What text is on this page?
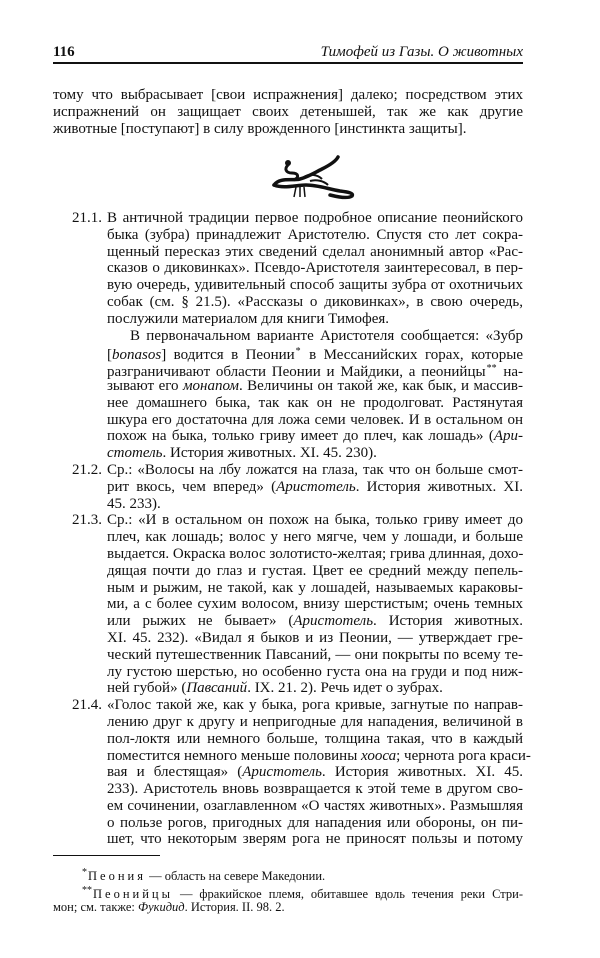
116	Тимофей из Газы. О животных
тому что выбрасывает [свои испражнения] далеко; посредством этих
испражнений он защищает своих детенышей, так же как другие
животные [поступают] в силу врожденного [инстинкта защиты].
21.1. В античной традиции первое подробное описание пеонийского
быка (зубра) принадлежит Аристотелю. Спустя сто лет сокра-
щенный пересказ этих сведений сделал анонимный автор «Рас-
сказов о диковинках». Псевдо-Аристотеля заинтересовал, в пер-
вую очередь, удивительный способ защиты зубра от охотничьих
собак (см. § 21.5). «Рассказы о диковинках», в свою очередь,
послужили материалом для книги Тимофея.
В первоначальном варианте Аристотеля сообщается: «Зубр
[bonasos] водится в Пеонии* в Мессанийских горах, которые
разграничивают области Пеонии и Майдики, а пеонийцы** на-
зывают его монапом. Величины он такой же, как бык, и массив-
нее домашнего быка, так как он не продолговат. Растянутая
шкура его достаточна для ложа семи человек. И в остальном он
похож на быка, только гриву имеет до плеч, как лошадь» (Ари-
стотель. История животных. XI. 45. 230).
21.2. Ср.: «Волосы на лбу ложатся на глаза, так что он больше смот-
рит вкось, чем вперед» (Аристотель. История животных. XI.
45. 233).
21.3. Ср.: «И в остальном он похож на быка, только гриву имеет до
плеч, как лошадь; волос у него мягче, чем у лошади, и больше
выдается. Окраска волос золотисто-желтая; грива длинная, дохо-
дящая почти до глаз и густая. Цвет ее средний между пепель-
ным и рыжим, не такой, как у лошадей, называемых караковы-
ми, а с более сухим волосом, внизу шерстистым; очень темных
или рыжих не бывает» (Аристотель. История животных.
XI. 45. 232). «Видал я быков и из Пеонии, — утверждает гре-
ческий путешественник Павсаний, — они покрыты по всему те-
лу густою шерстью, но особенно густа она на груди и под ниж-
ней губой» (Павсаний. IX. 21. 2). Речь идет о зубрах.
21.4. «Голос такой же, как у быка, рога кривые, загнутые по направ-
лению друг к другу и непригодные для нападения, величиной в
пол-локтя или немного больше, толщина такая, что в каждый
поместится немного меньше половины хооса; чернота рога краси-
вая и блестящая» (Аристотель. История животных. XI. 45.
233). Аристотель вновь возвращается к этой теме в другом сво-
ем сочинении, озаглавленном «О частях животных». Размышляя
о пользе рогов, пригодных для нападения или обороны, он пи-
шет, что некоторым зверям рога не приносят пользы и потому
*Пеония — область на севере Македонии.
**Пеонийцы — фракийское племя, обитавшее вдоль течения реки Стри-
мон; см. также: Фукидид. История. II. 98. 2.
